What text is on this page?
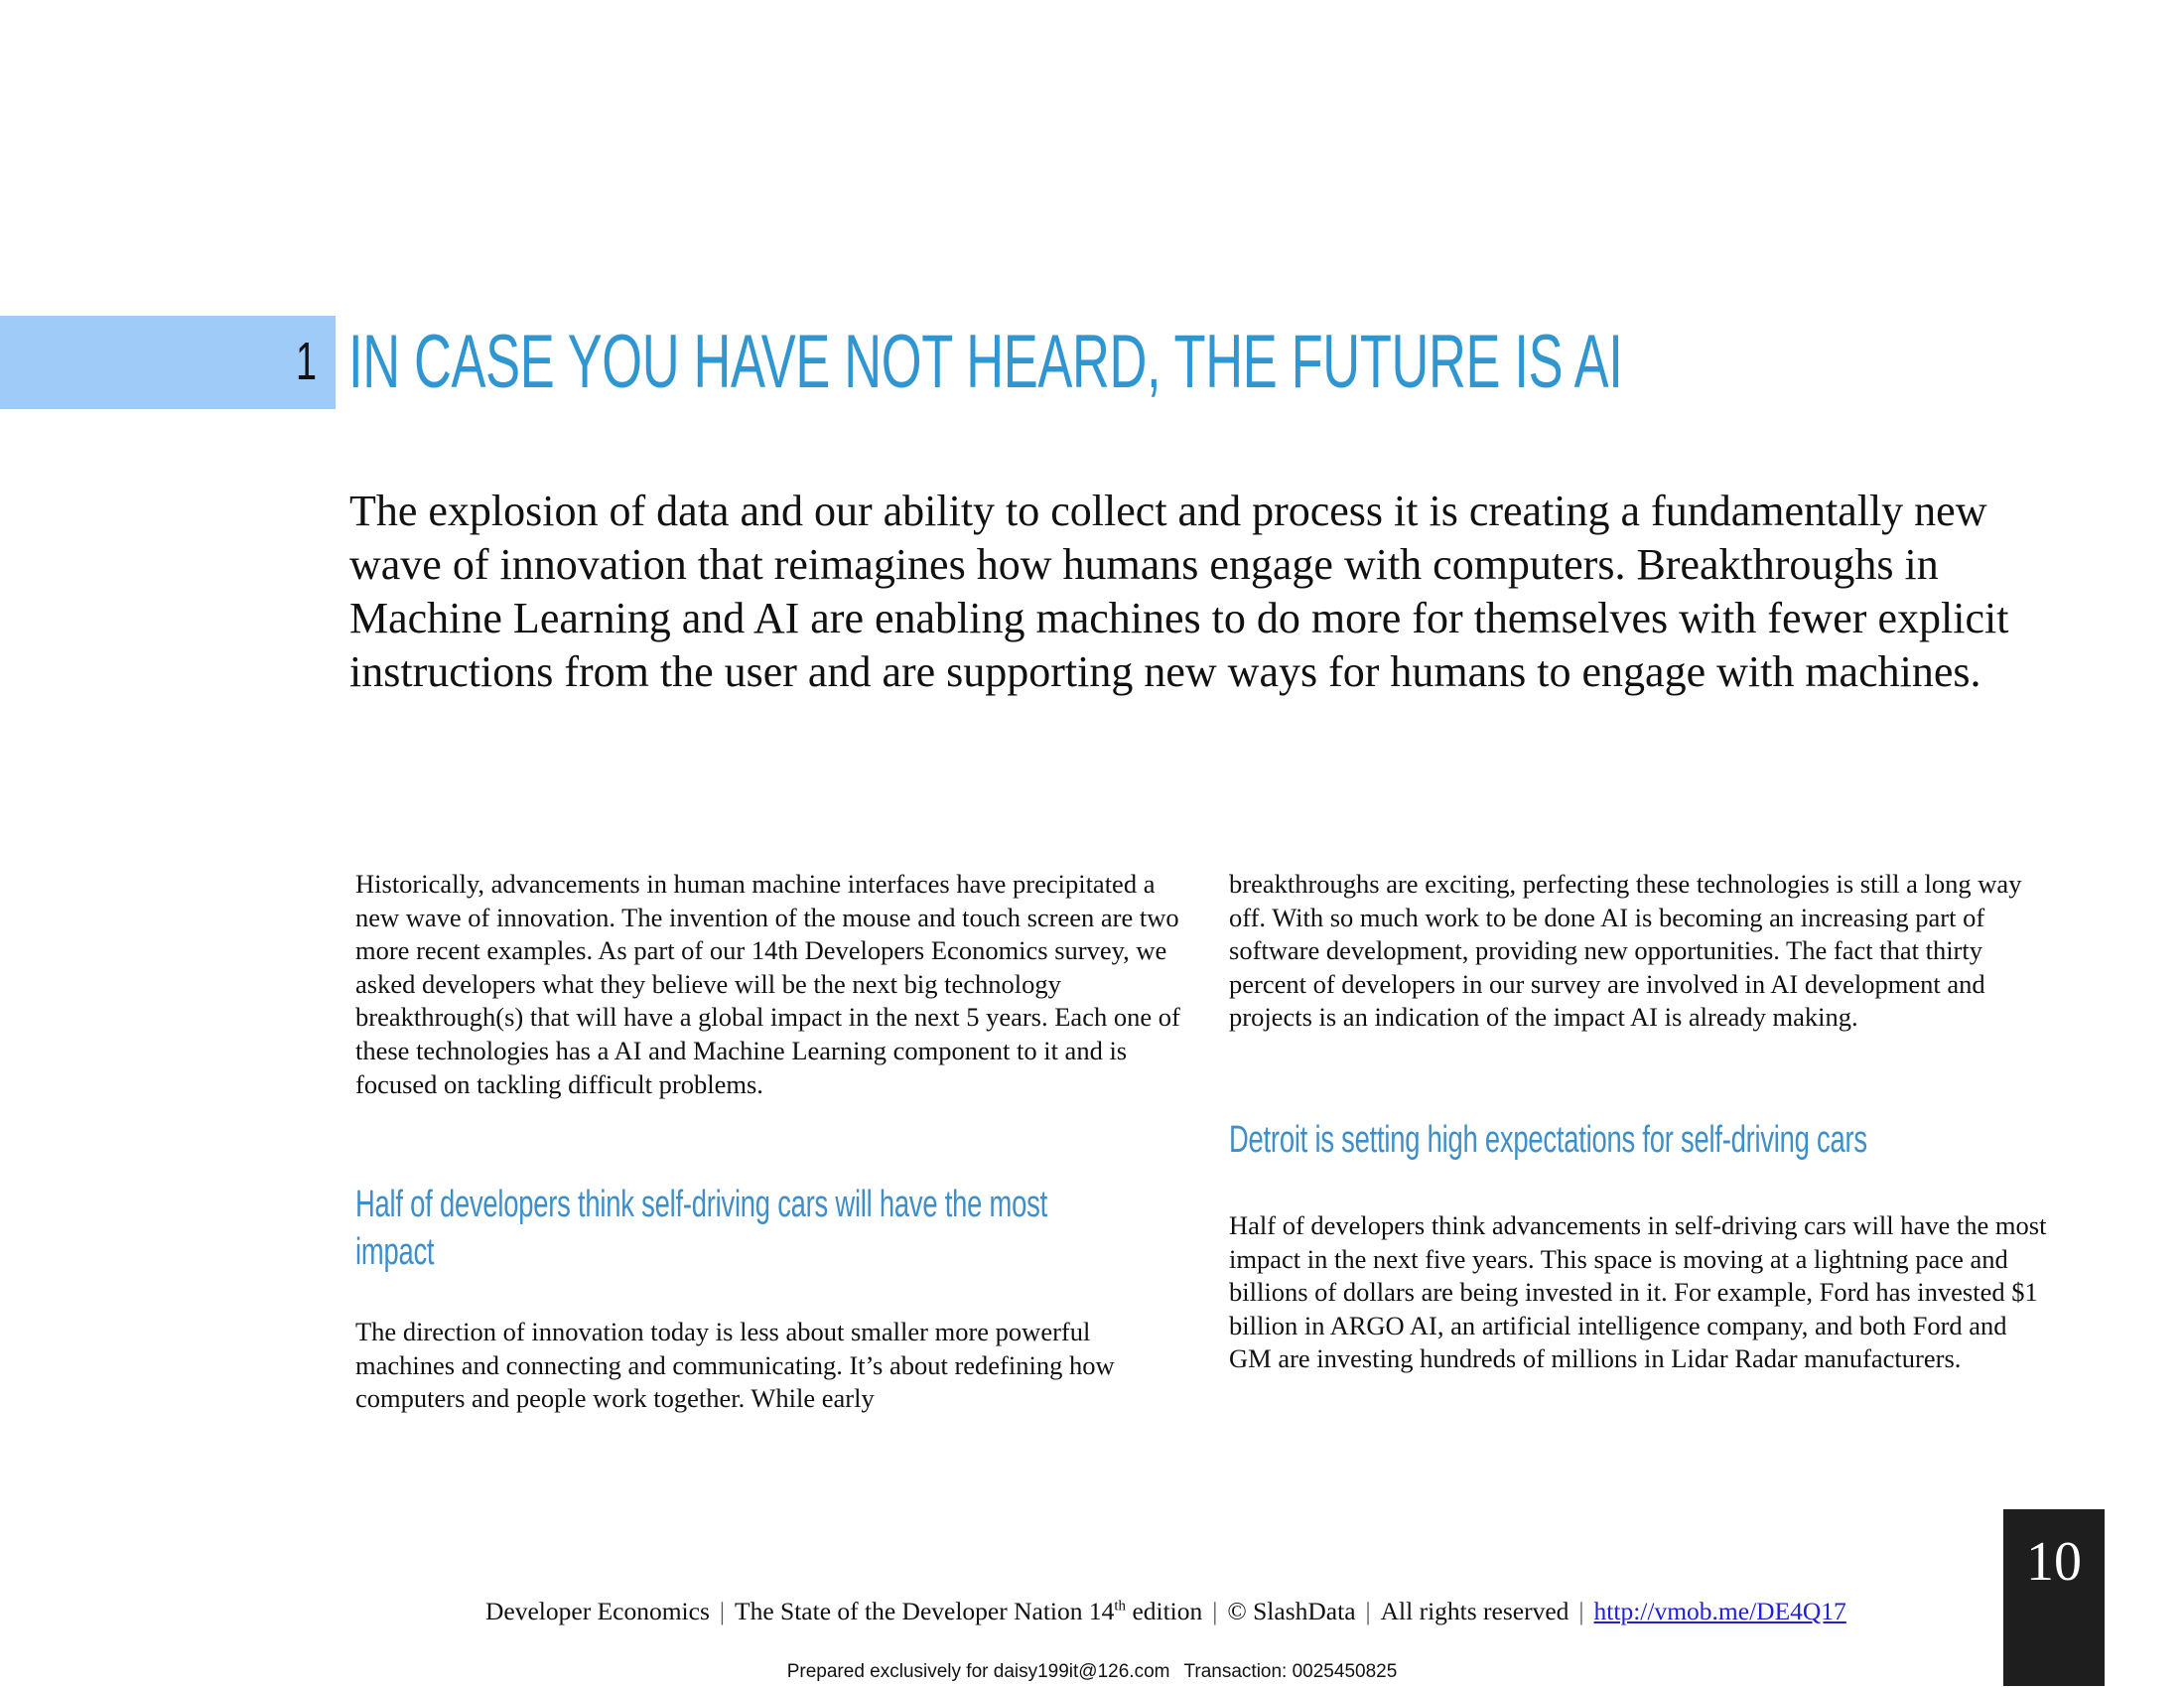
1 IN CASE YOU HAVE NOT HEARD, THE FUTURE IS AI

The explosion of data and our ability to collect and process it is creating a fundamentally new wave of innovation that reimagines how humans engage with computers. Breakthroughs in Machine Learning and AI are enabling machines to do more for themselves with fewer explicit instructions from the user and are supporting new ways for humans to engage with machines.

Historically, advancements in human machine interfaces have precipitated a new wave of innovation. The invention of the mouse and touch screen are two more recent examples. As part of our 14th Developers Economics survey, we asked developers what they believe will be the next big technology breakthrough(s) that will have a global impact in the next 5 years. Each one of these technologies has a AI and Machine Learning component to it and is focused on tackling difficult problems.

Half of developers think self-driving cars will have the most impact

The direction of innovation today is less about smaller more powerful machines and connecting and communicating. It’s about redefining how computers and people work together. While early

breakthroughs are exciting, perfecting these technologies is still a long way off. With so much work to be done AI is becoming an increasing part of software development, providing new opportunities. The fact that thirty percent of developers in our survey are involved in AI development and projects is an indication of the impact AI is already making.

Detroit is setting high expectations for self-driving cars

Half of developers think advancements in self-driving cars will have the most impact in the next five years. This space is moving at a lightning pace and billions of dollars are being invested in it. For example, Ford has invested $1 billion in ARGO AI, an artificial intelligence company, and both Ford and GM are investing hundreds of millions in Lidar Radar manufacturers.

10
Developer Economics | The State of the Developer Nation 14th edition | © SlashData | All rights reserved | http://vmob.me/DE4Q17
Prepared exclusively for daisy199it@126.com Transaction: 0025450825
